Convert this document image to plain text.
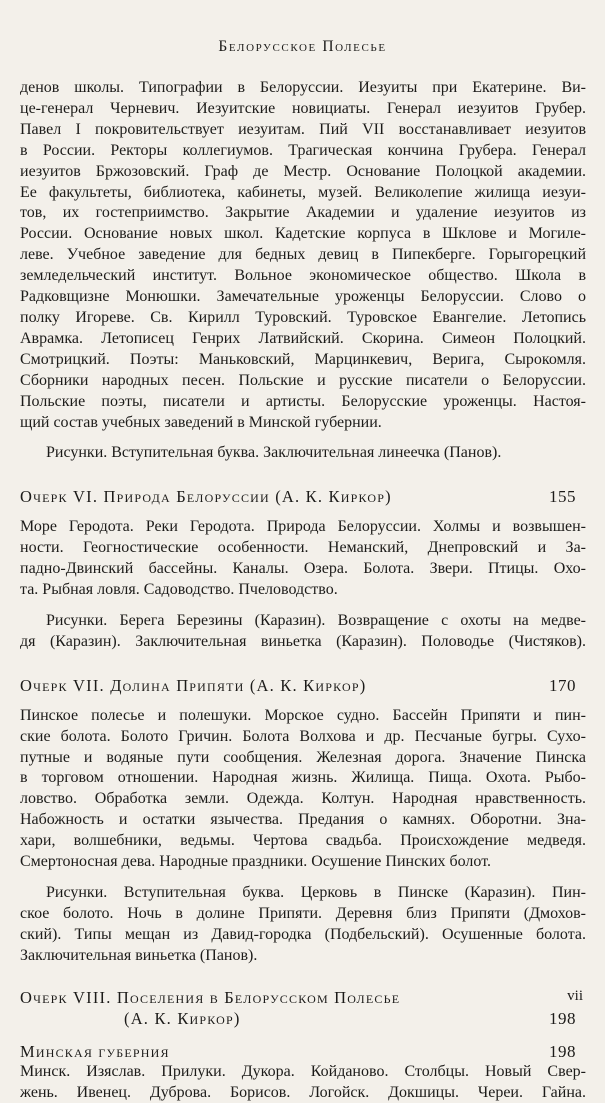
Белорусское Полесье
денов школы. Типографии в Белоруссии. Иезуиты при Екатерине. Ви-
це-генерал Черневич. Иезуитские новициаты. Генерал иезуитов Грубер.
Павел I покровительствует иезуитам. Пий VII восстанавливает иезуитов
в России. Ректоры коллегиумов. Трагическая кончина Грубера. Генерал
иезуитов Бржозовский. Граф де Местр. Основание Полоцкой академии.
Ее факультеты, библиотека, кабинеты, музей. Великолепие жилища иезуи-
тов, их гостеприимство. Закрытие Академии и удаление иезуитов из
России. Основание новых школ. Кадетские корпуса в Шклове и Могиле-
леве. Учебное заведение для бедных девиц в Пипекберге. Горыгорецкий
земледельческий институт. Вольное экономическое общество. Школа в
Радковщизне Монюшки. Замечательные уроженцы Белоруссии. Слово о
полку Игореве. Св. Кирилл Туровский. Туровское Евангелие. Летопись
Аврамка. Летописец Генрих Латвийский. Скорина. Симеон Полоцкий.
Смотрицкий. Поэты: Маньковский, Марцинкевич, Верига, Сырокомля.
Сборники народных песен. Польские и русские писатели о Белоруссии.
Польские поэты, писатели и артисты. Белорусские уроженцы. Настоя-
щий состав учебных заведений в Минской губернии.
Рисунки. Вступительная буква. Заключительная линеечка (Панов).
Очерк VI. Природа Белоруссии (А. К. Киркор)	155
Море Геродота. Реки Геродота. Природа Белоруссии. Холмы и возвышен-
ности. Геогностические особенности. Неманский, Днепровский и За-
падно-Двинский бассейны. Каналы. Озера. Болота. Звери. Птицы. Охо-
та. Рыбная ловля. Садоводство. Пчеловодство.
Рисунки. Берега Березины (Каразин). Возвращение с охоты на медве-
дя (Каразин). Заключительная виньетка (Каразин). Половодье (Чистяков).
Очерк VII. Долина Припяти (А. К. Киркор)	170
Пинское полесье и полешуки. Морское судно. Бассейн Припяти и пин-
ские болота. Болото Гричин. Болота Волхова и др. Песчаные бугры. Сухо-
путные и водяные пути сообщения. Железная дорога. Значение Пинска
в торговом отношении. Народная жизнь. Жилища. Пища. Охота. Рыбо-
ловство. Обработка земли. Одежда. Колтун. Народная нравственность.
Набожность и остатки язычества. Предания о камнях. Оборотни. Зна-
хари, волшебники, ведьмы. Чертова свадьба. Происхождение медведя.
Смертоносная дева. Народные праздники. Осушение Пинских болот.
Рисунки. Вступительная буква. Церковь в Пинске (Каразин). Пин-
ское болото. Ночь в долине Припяти. Деревня близ Припяти (Дмохов-
ский). Типы мещан из Давид-городка (Подбельский). Осушенные болота.
Заключительная виньетка (Панов).
Очерк VIII. Поселения в Белорусском Полесье
(А. К. Киркор)	198
Минская губерния	198
Минск. Изяслав. Прилуки. Дукора. Койданово. Столбцы. Новый Свер-
жень. Ивенец. Дуброва. Борисов. Логойск. Докшицы. Череи. Гайна.
vii
